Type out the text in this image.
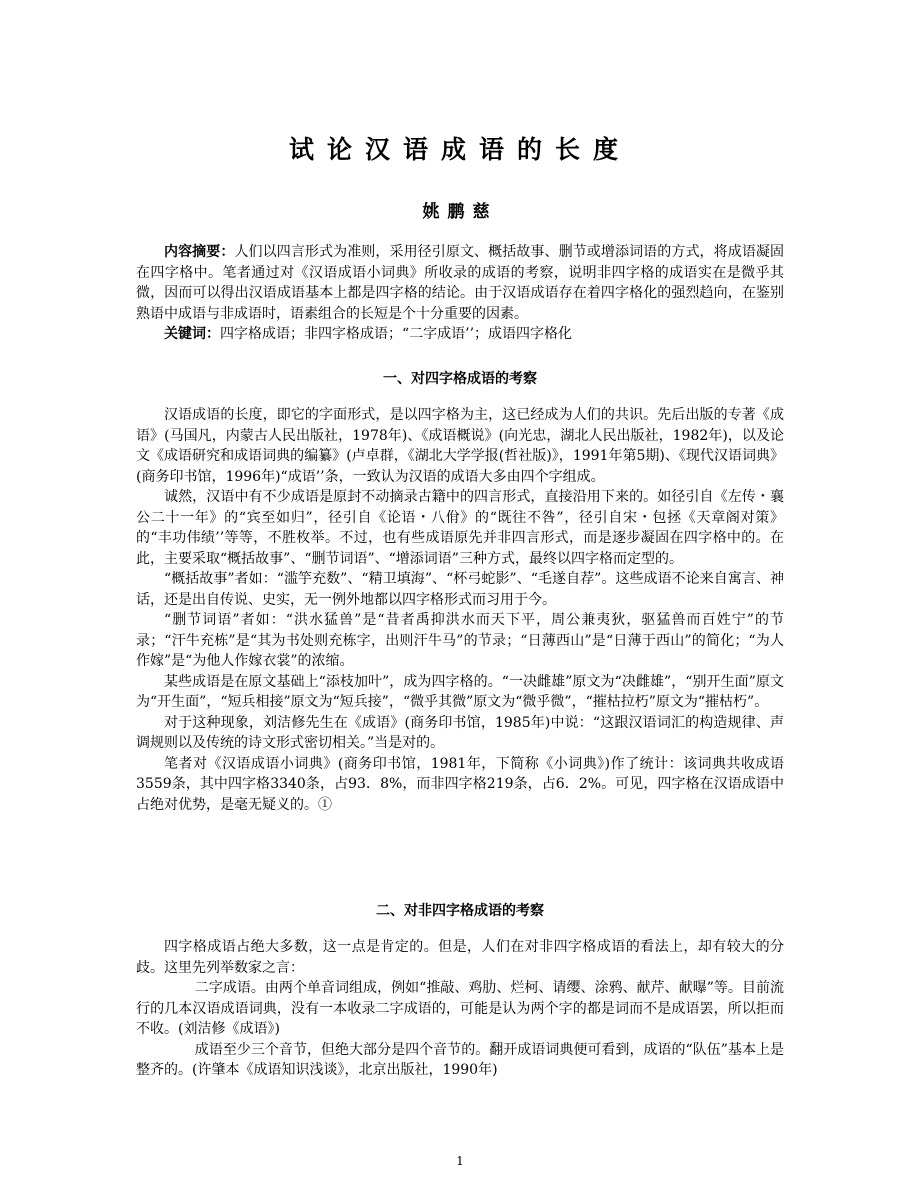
试论汉语成语的长度
姚鹏慈

内容摘要：人们以四言形式为准则，采用径引原文、概括故事、删节或增添词语的方式，将成语凝固在四字格中。笔者通过对《汉语成语小词典》所收录的成语的考察，说明非四字格的成语实在是微乎其微，因而可以得出汉语成语基本上都是四字格的结论。由于汉语成语存在着四字格化的强烈趋向，在鉴别熟语中成语与非成语时，语素组合的长短是个十分重要的因素。

关键词：四字格成语；非四字格成语；“二字成语’’；成语四字格化

一、对四字格成语的考察

汉语成语的长度，即它的字面形式，是以四字格为主，这已经成为人们的共识。先后出版的专著《成语》(马国凡，内蒙古人民出版社，1978年)、《成语概说》(向光忠，湖北人民出版社，1982年)，以及论文《成语研究和成语词典的编纂》(卢卓群，《湖北大学学报(哲社版)》，1991年第5期)、《现代汉语词典》 (商务印书馆，1996年)“成语’’条，一致认为汉语的成语大多由四个字组成。

诚然，汉语中有不少成语是原封不动摘录古籍中的四言形式，直接沿用下来的。如径引自《左传・襄公二十一年》的“宾至如归”，径引自《论语・八佾》的“既往不咎”，径引自宋・包拯《天章阁对策》的“丰功伟绩’’等等，不胜枚举。不过，也有些成语原先并非四言形式，而是逐步凝固在四字格中的。在此，主要采取“概括故事”、“删节词语”、“增添词语”三种方式，最终以四字格而定型的。

“概括故事”者如：“滥竽充数”、“精卫填海”、“杯弓蛇影”、“毛遂自荐”。这些成语不论来自寓言、神话，还是出自传说、史实，无一例外地都以四字格形式而习用于今。

“删节词语”者如：“洪水猛兽”是“昔者禹抑洪水而天下平，周公兼夷狄，驱猛兽而百姓宁”的节录；“汗牛充栋”是“其为书处则充栋字，出则汗牛马”的节录；“日薄西山”是“日薄于西山”的简化；“为人作嫁”是“为他人作嫁衣裳”的浓缩。

某些成语是在原文基础上“添枝加叶”，成为四字格的。“一决雌雄”原文为“决雌雄”，“别开生面”原文为“开生面”，“短兵相接”原文为“短兵接”，“微乎其微”原文为“微乎微”，“摧枯拉朽”原文为“摧枯朽”。

对于这种现象，刘洁修先生在《成语》(商务印书馆，1985年)中说：“这跟汉语词汇的构造规律、声调规则以及传统的诗文形式密切相关。”当是对的。

笔者对《汉语成语小词典》(商务印书馆，1981年，下简称《小词典》)作了统计：该词典共收成语3559条，其中四字格3340条，占93．8%，而非四字格219条，占6．2%。可见，四字格在汉语成语中占绝对优势，是毫无疑义的。①

二、对非四字格成语的考察

四字格成语占绝大多数，这一点是肯定的。但是，人们在对非四字格成语的看法上，却有较大的分歧。这里先列举数家之言：

二字成语。由两个单音词组成，例如“推敲、鸡肋、烂柯、请缨、涂鸦、献芹、献曝”等。目前流行的几本汉语成语词典，没有一本收录二字成语的，可能是认为两个字的都是词而不是成语罢，所以拒而不收。(刘洁修《成语》)

成语至少三个音节，但绝大部分是四个音节的。翻开成语词典便可看到，成语的“队伍”基本上是整齐的。(许肇本《成语知识浅谈》，北京出版社，1990年)

1
